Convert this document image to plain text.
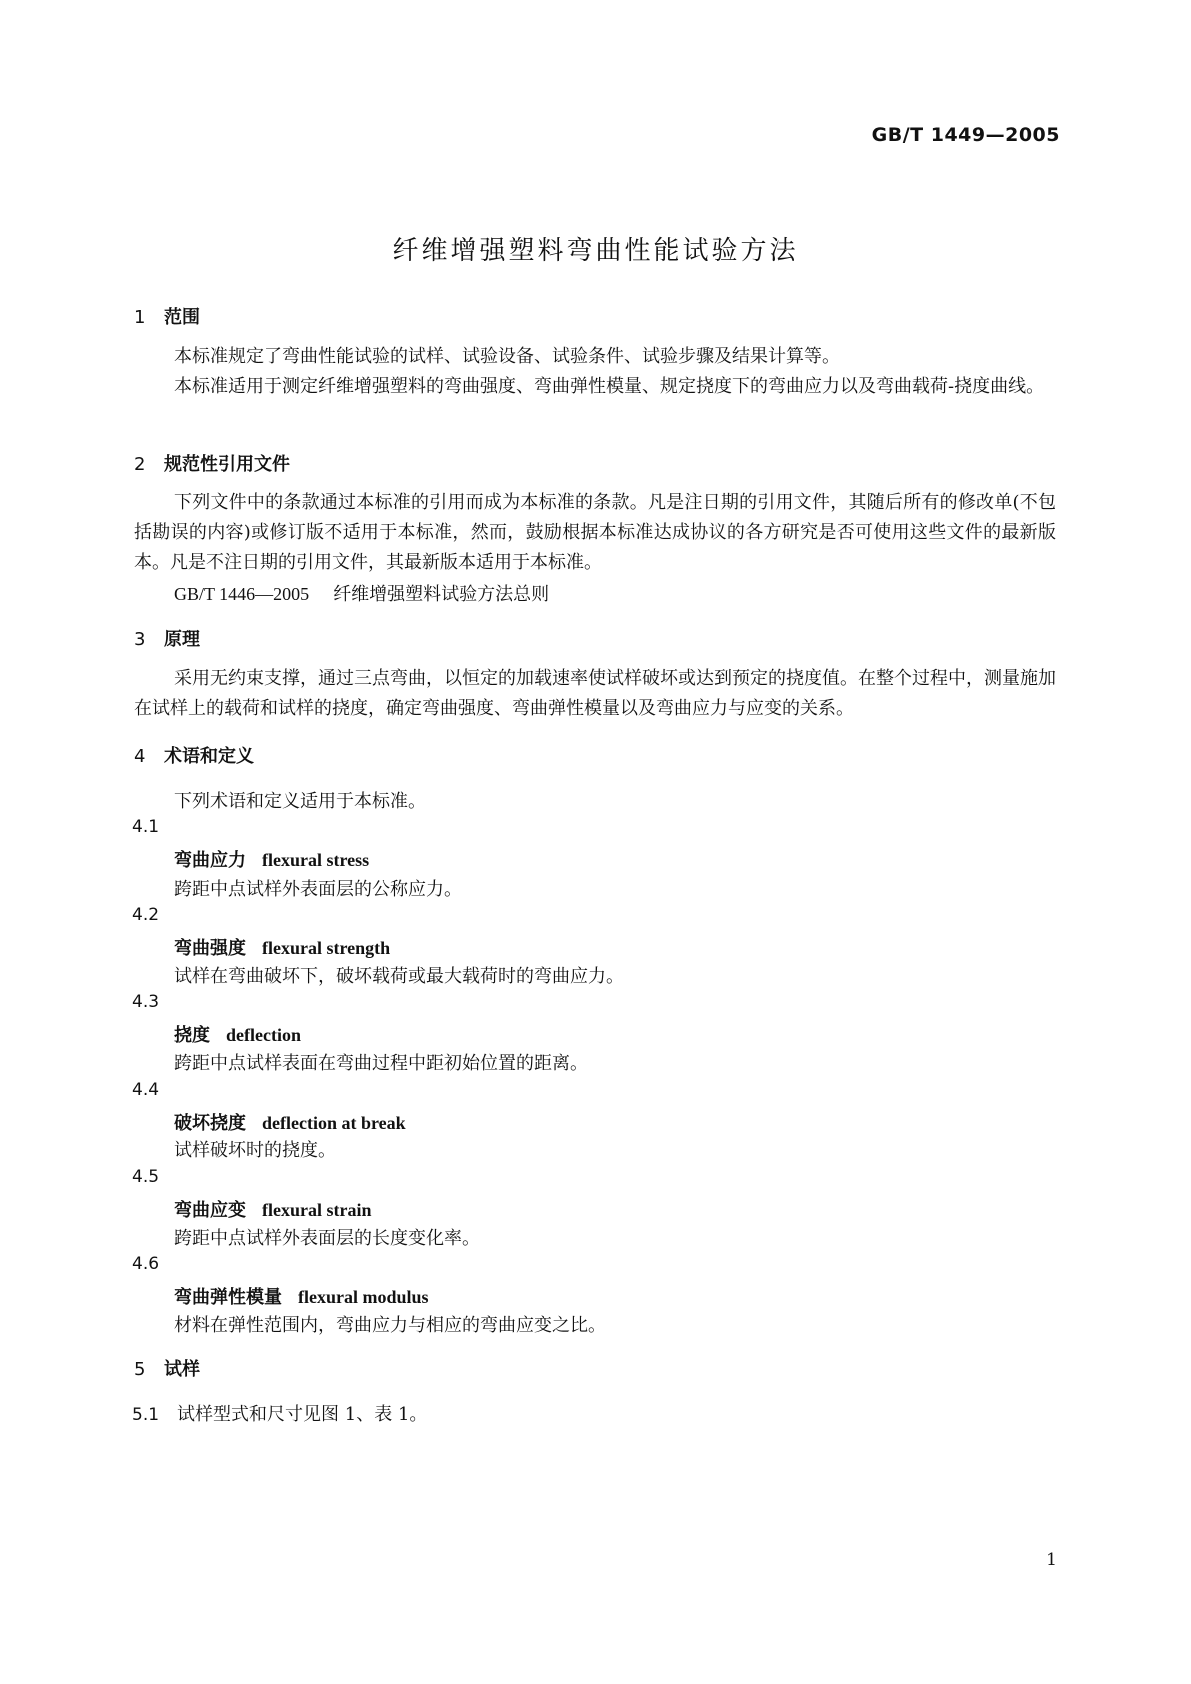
GB/T 1449—2005
纤维增强塑料弯曲性能试验方法
1 范围
本标准规定了弯曲性能试验的试样、试验设备、试验条件、试验步骤及结果计算等。
本标准适用于测定纤维增强塑料的弯曲强度、弯曲弹性模量、规定挠度下的弯曲应力以及弯曲载荷-挠度曲线。
2 规范性引用文件
下列文件中的条款通过本标准的引用而成为本标准的条款。凡是注日期的引用文件，其随后所有的修改单(不包括勘误的内容)或修订版不适用于本标准，然而，鼓励根据本标准达成协议的各方研究是否可使用这些文件的最新版本。凡是不注日期的引用文件，其最新版本适用于本标准。
GB/T 1446—2005 纤维增强塑料试验方法总则
3 原理
采用无约束支撑，通过三点弯曲，以恒定的加载速率使试样破坏或达到预定的挠度值。在整个过程中，测量施加在试样上的载荷和试样的挠度，确定弯曲强度、弯曲弹性模量以及弯曲应力与应变的关系。
4 术语和定义
下列术语和定义适用于本标准。
4.1
弯曲应力 flexural stress
跨距中点试样外表面层的公称应力。
4.2
弯曲强度 flexural strength
试样在弯曲破坏下，破坏载荷或最大载荷时的弯曲应力。
4.3
挠度 deflection
跨距中点试样表面在弯曲过程中距初始位置的距离。
4.4
破坏挠度 deflection at break
试样破坏时的挠度。
4.5
弯曲应变 flexural strain
跨距中点试样外表面层的长度变化率。
4.6
弯曲弹性模量 flexural modulus
材料在弹性范围内，弯曲应力与相应的弯曲应变之比。
5 试样
5.1 试样型式和尺寸见图 1、表 1。
1
